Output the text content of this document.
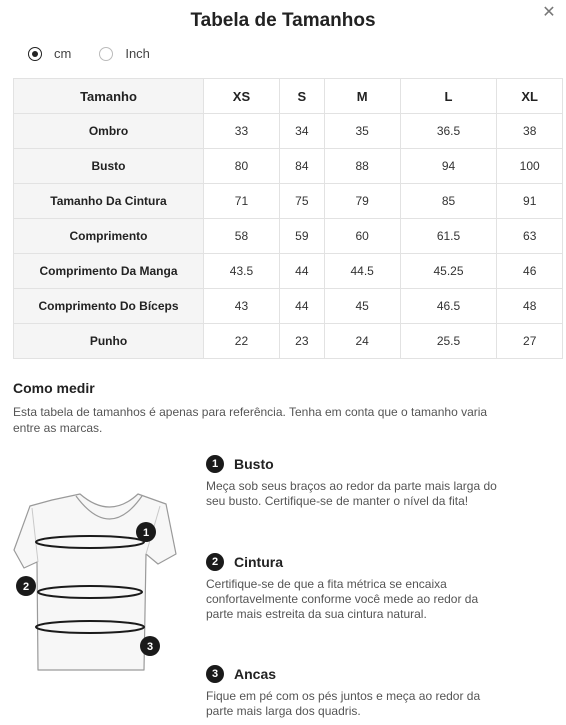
Tabela de Tamanhos	✕
cm	Inch
Tamanho	XS	S	M	L	XL
Ombro	33	34	35	36.5	38
Busto	80	84	88	94	100
Tamanho Da Cintura	71	75	79	85	91
Comprimento	58	59	60	61.5	63
Comprimento Da Manga	43.5	44	44.5	45.25	46
Comprimento Do Bíceps	43	44	45	46.5	48
Punho	22	23	24	25.5	27
Como medir
Esta tabela de tamanhos é apenas para referência. Tenha em conta que o tamanho varia entre as marcas.
1
2
3
1	Busto
Meça sob seus braços ao redor da parte mais larga do seu busto. Certifique-se de manter o nível da fita!
2	Cintura
Certifique-se de que a fita métrica se encaixa confortavelmente conforme você mede ao redor da parte mais estreita da sua cintura natural.
3	Ancas
Fique em pé com os pés juntos e meça ao redor da parte mais larga dos quadris.
